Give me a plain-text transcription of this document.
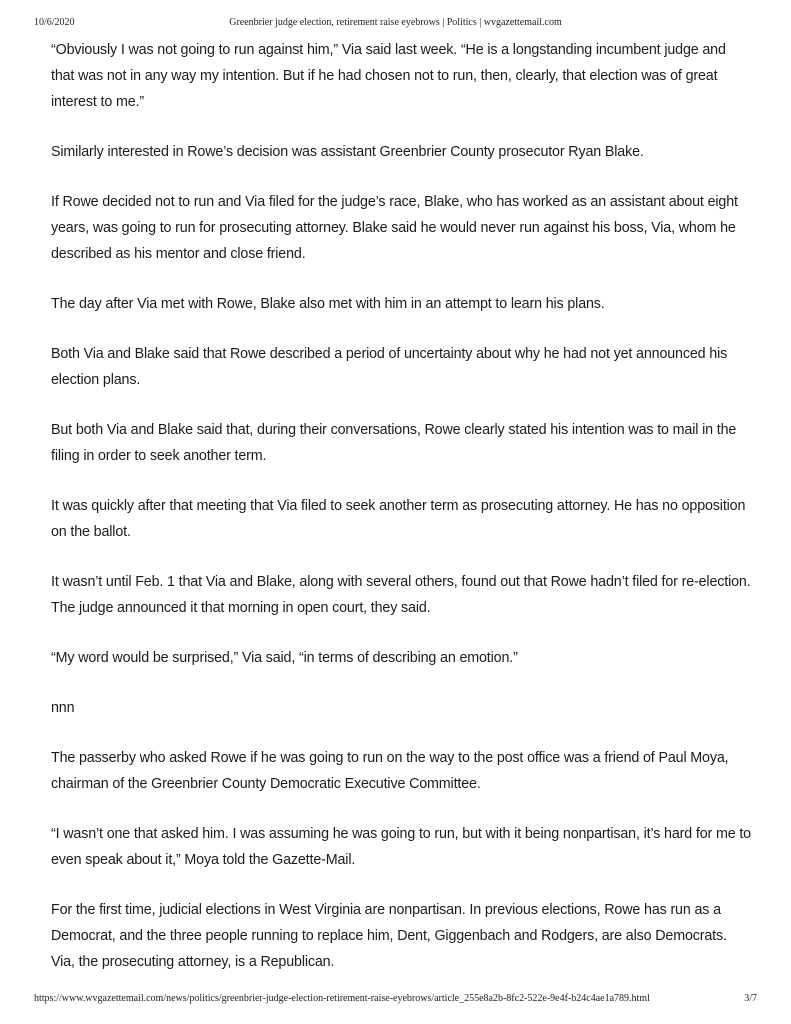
10/6/2020	Greenbrier judge election, retirement raise eyebrows | Politics | wvgazettemail.com

“Obviously I was not going to run against him,” Via said last week. “He is a longstanding incumbent judge and that was not in any way my intention. But if he had chosen not to run, then, clearly, that election was of great interest to me.”

Similarly interested in Rowe’s decision was assistant Greenbrier County prosecutor Ryan Blake.

If Rowe decided not to run and Via filed for the judge’s race, Blake, who has worked as an assistant about eight years, was going to run for prosecuting attorney. Blake said he would never run against his boss, Via, whom he described as his mentor and close friend.

The day after Via met with Rowe, Blake also met with him in an attempt to learn his plans.

Both Via and Blake said that Rowe described a period of uncertainty about why he had not yet announced his election plans.

But both Via and Blake said that, during their conversations, Rowe clearly stated his intention was to mail in the filing in order to seek another term.

It was quickly after that meeting that Via filed to seek another term as prosecuting attorney. He has no opposition on the ballot.

It wasn’t until Feb. 1 that Via and Blake, along with several others, found out that Rowe hadn’t filed for re-election. The judge announced it that morning in open court, they said.

“My word would be surprised,” Via said, “in terms of describing an emotion.”

nnn

The passerby who asked Rowe if he was going to run on the way to the post office was a friend of Paul Moya, chairman of the Greenbrier County Democratic Executive Committee.

“I wasn’t one that asked him. I was assuming he was going to run, but with it being nonpartisan, it’s hard for me to even speak about it,” Moya told the Gazette-Mail.

For the first time, judicial elections in West Virginia are nonpartisan. In previous elections, Rowe has run as a Democrat, and the three people running to replace him, Dent, Giggenbach and Rodgers, are also Democrats. Via, the prosecuting attorney, is a Republican.

https://www.wvgazettemail.com/news/politics/greenbrier-judge-election-retirement-raise-eyebrows/article_255e8a2b-8fc2-522e-9e4f-b24c4ae1a789.html	3/7
